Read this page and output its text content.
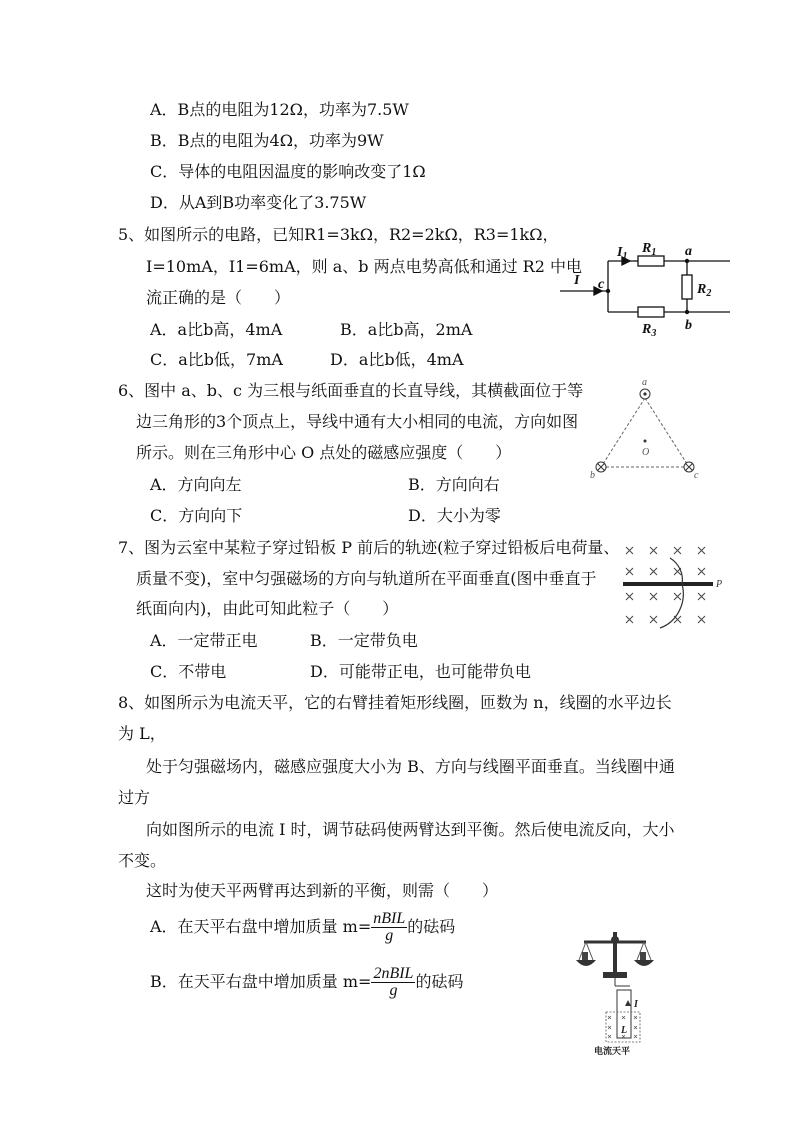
A．B点的电阻为12Ω，功率为7.5W
B．B点的电阻为4Ω，功率为9W
C．导体的电阻因温度的影响改变了1Ω
D．从A到B功率变化了3.75W
5、如图所示的电路，已知R1=3kΩ，R2=2kΩ，R3=1kΩ，
I=10mA，I1=6mA，则 a、b 两点电势高低和通过 R2 中电
流正确的是（　　）
A．a比b高，4mA	B．a比b高，2mA
C．a比b低，7mA	D．a比b低，4mA
I
$I_1$
$R_1$
$R_2$
$R_3$
a
b
c
6、图中 a、b、c 为三根与纸面垂直的长直导线，其横截面位于等
边三角形的3个顶点上，导线中通有大小相同的电流，方向如图
所示。则在三角形中心 O 点处的磁感应强度（　　）
A．方向向左	B．方向向右
C．方向向下	D．大小为零
a
b	c
O
7、图为云室中某粒子穿过铅板 P 前后的轨迹(粒子穿过铅板后电荷量、
质量不变)，室中匀强磁场的方向与轨道所在平面垂直(图中垂直于
纸面向内)，由此可知此粒子（　　）
A．一定带正电	B．一定带负电
C．不带电	D．可能带正电，也可能带负电
P
8、如图所示为电流天平，它的右臂挂着矩形线圈，匝数为 n，线圈的水平边长
为 L，
处于匀强磁场内，磁感应强度大小为 B、方向与线圈平面垂直。当线圈中通
过方
向如图所示的电流 I 时，调节砝码使两臂达到平衡。然后使电流反向，大小
不变。
这时为使天平两臂再达到新的平衡，则需（　　）
A．在天平右盘中增加质量 $m= \frac{\text{nBIL}}{g}$ 的砝码
B．在天平右盘中增加质量 $m= \frac{\text{2nBIL}}{g}$ 的砝码
I
L
电流天平
